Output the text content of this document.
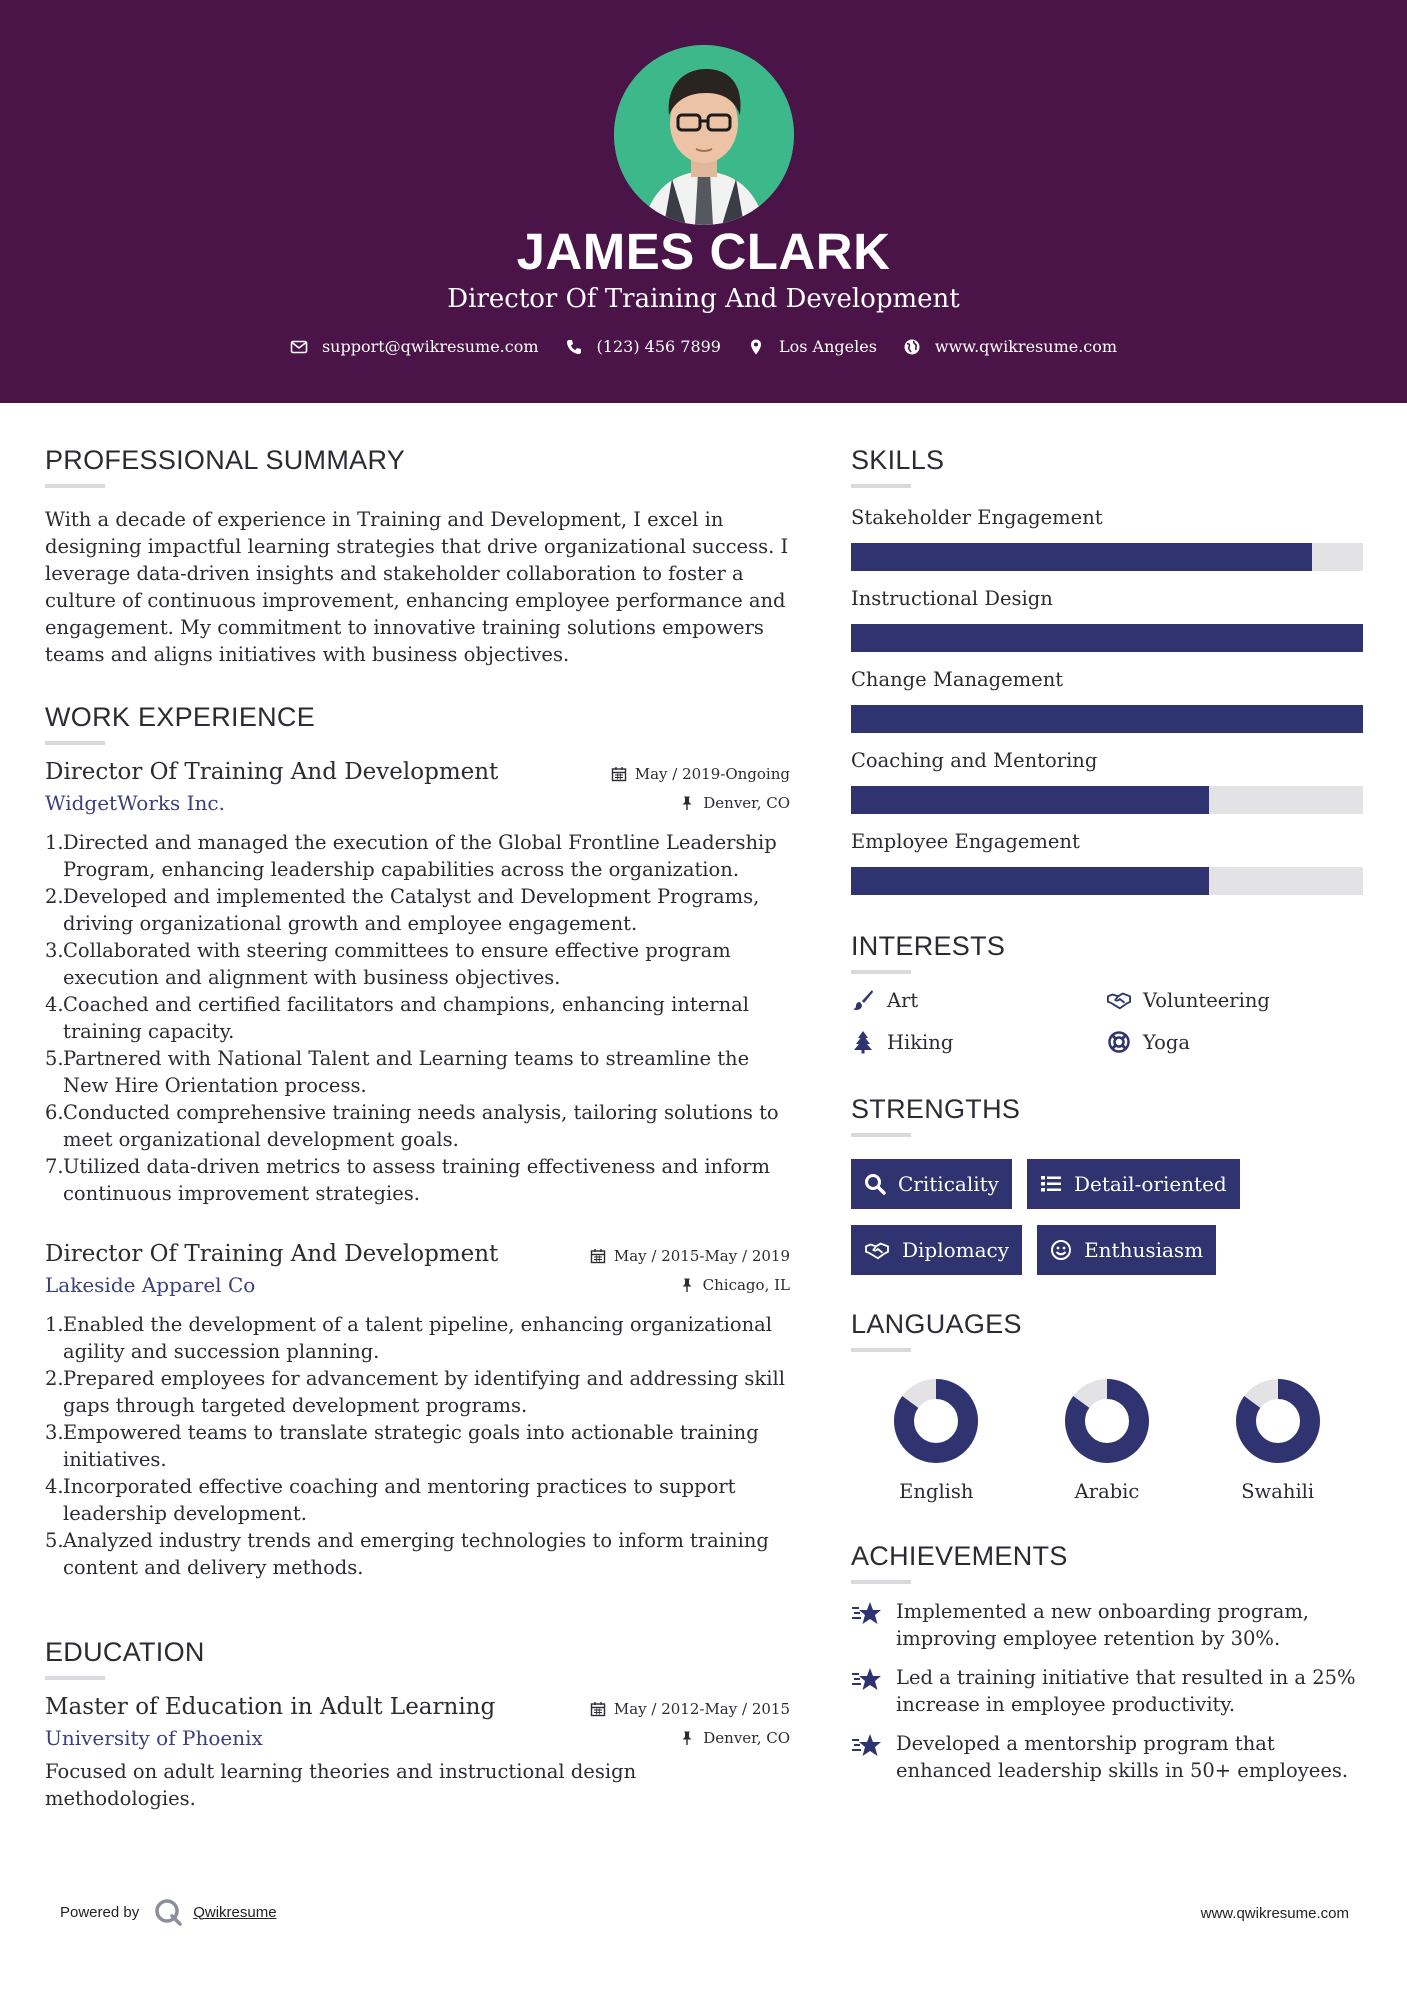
JAMES CLARK
Director Of Training And Development
support@qwikresume.com	(123) 456 7899	Los Angeles	www.qwikresume.com
PROFESSIONAL SUMMARY

With a decade of experience in Training and Development, I excel in designing impactful learning strategies that drive organizational success. I leverage data-driven insights and stakeholder collaboration to foster a culture of continuous improvement, enhancing employee performance and engagement. My commitment to innovative training solutions empowers teams and aligns initiatives with business objectives.

WORK EXPERIENCE
Director Of Training And Development	May / 2019-Ongoing
WidgetWorks Inc.	Denver, CO
1. Directed and managed the execution of the Global Frontline Leadership Program, enhancing leadership capabilities across the organization.
2. Developed and implemented the Catalyst and Development Programs, driving organizational growth and employee engagement.
3. Collaborated with steering committees to ensure effective program execution and alignment with business objectives.
4. Coached and certified facilitators and champions, enhancing internal training capacity.
5. Partnered with National Talent and Learning teams to streamline the New Hire Orientation process.
6. Conducted comprehensive training needs analysis, tailoring solutions to meet organizational development goals.
7. Utilized data-driven metrics to assess training effectiveness and inform continuous improvement strategies.
Director Of Training And Development	May / 2015-May / 2019
Lakeside Apparel Co	Chicago, IL
1. Enabled the development of a talent pipeline, enhancing organizational agility and succession planning.
2. Prepared employees for advancement by identifying and addressing skill gaps through targeted development programs.
3. Empowered teams to translate strategic goals into actionable training initiatives.
4. Incorporated effective coaching and mentoring practices to support leadership development.
5. Analyzed industry trends and emerging technologies to inform training content and delivery methods.
EDUCATION
Master of Education in Adult Learning	May / 2012-May / 2015
University of Phoenix	Denver, CO

Focused on adult learning theories and instructional design methodologies.

SKILLS
Stakeholder Engagement
Instructional Design
Change Management
Coaching and Mentoring
Employee Engagement
INTERESTS
Art	Volunteering
Hiking	Yoga
STRENGTHS
Criticality	Detail-oriented
Diplomacy	Enthusiasm
LANGUAGES
English	Arabic	Swahili
ACHIEVEMENTS
Implemented a new onboarding program, improving employee retention by 30%.
Led a training initiative that resulted in a 25% increase in employee productivity.
Developed a mentorship program that enhanced leadership skills in 50+ employees.
Powered by	Qwikresume	www.qwikresume.com
